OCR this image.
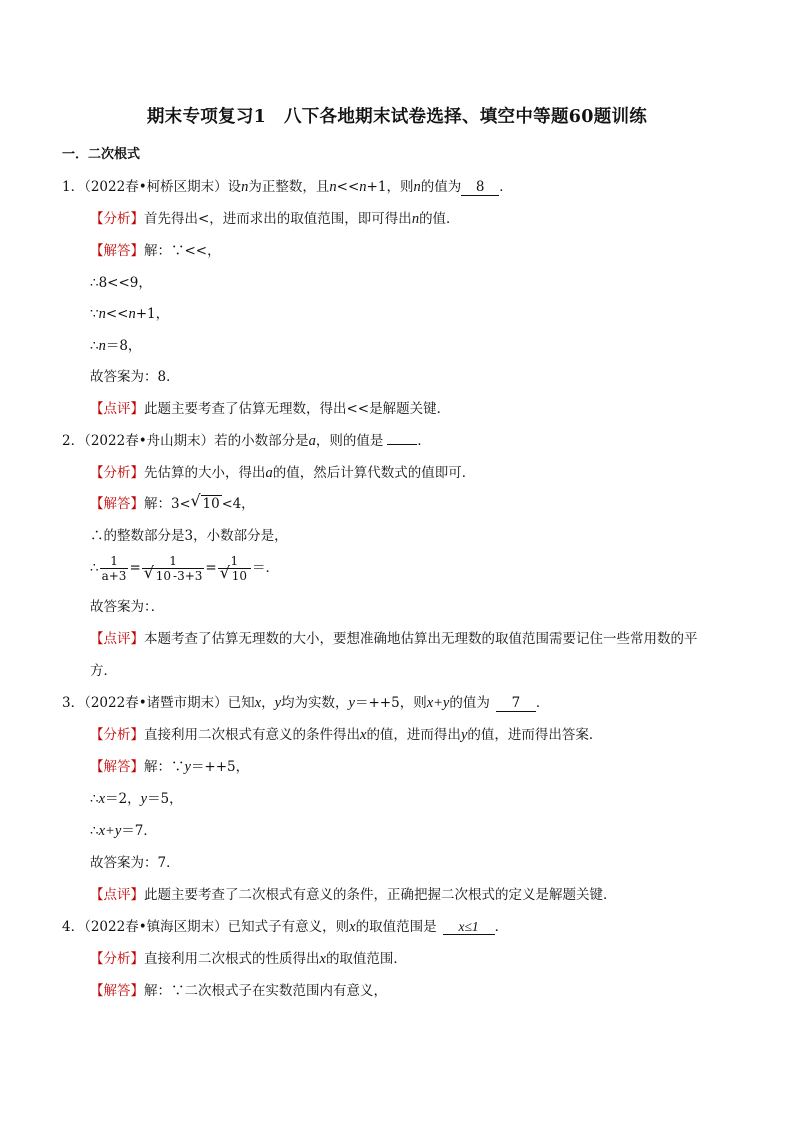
期末专项复习1　八下各地期末试卷选择、填空中等题60题训练
一．二次根式
1．（2022春•柯桥区期末）设n为正整数，且n<<n+1，则n的值为 8 ．
【分析】首先得出<，进而求出的取值范围，即可得出n的值．
【解答】解：∵<<，
∴8<<9，
∵n<<n+1，
∴n＝8，
故答案为：8．
【点评】此题主要考查了估算无理数，得出<<是解题关键．
2．（2022春•舟山期末）若的小数部分是a，则的值是	．
【分析】先估算的大小，得出a的值，然后计算代数式的值即可．
【解答】解：3< √ 10 <4，
∴的整数部分是3，小数部分是，
∴ $\frac{1}{a+3} = \frac{1}{√ 10 -3+3} = \frac{1}{√ 10}$ ＝．
故答案为：．
【点评】本题考查了估算无理数的大小，要想准确地估算出无理数的取值范围需要记住一些常用数的平
方．
3．（2022春•诸暨市期末）已知x，y均为实数，y＝++5，则x+y的值为 7 ．
【分析】直接利用二次根式有意义的条件得出x的值，进而得出y的值，进而得出答案．
【解答】解：∵y＝++5，
∴x＝2，y＝5，
∴x+y＝7．
故答案为：7．
【点评】此题主要考查了二次根式有意义的条件，正确把握二次根式的定义是解题关键．
4．（2022春•镇海区期末）已知式子有意义，则x的取值范围是 x≤1 ．
【分析】直接利用二次根式的性质得出x的取值范围．
【解答】解：∵二次根式子在实数范围内有意义，
